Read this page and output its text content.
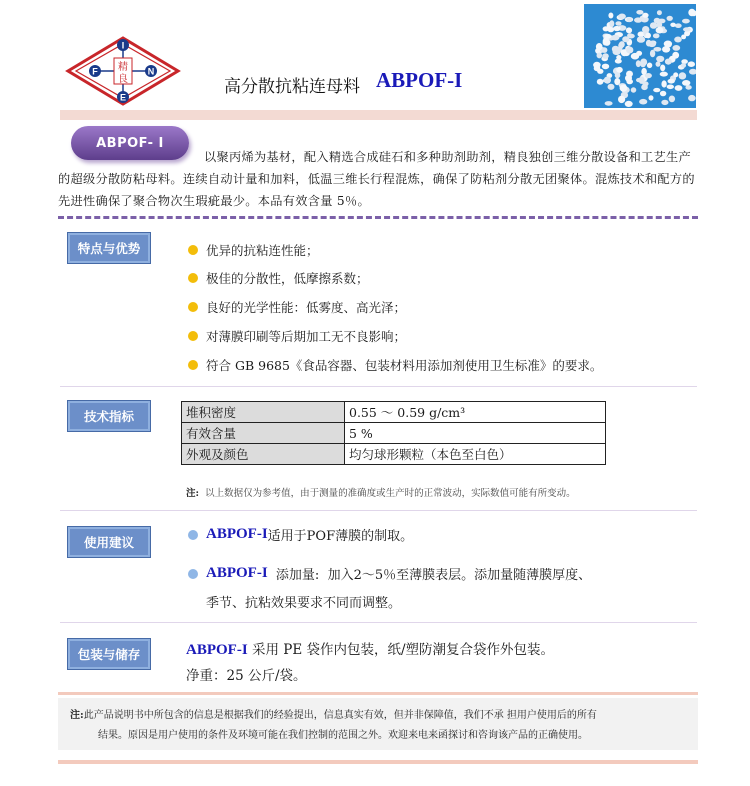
I
F	N
E
精
良	高分散抗粘连母料 ABPOF-I
ABPOF- I
以聚丙烯为基材，配入精选合成硅石和多种助剂助剂，精良独创三维分散设备和工艺生产的超级分散防粘母料。连续自动计量和加料，低温三维长行程混炼，确保了防粘剂分散无团聚体。混炼技术和配方的先进性确保了聚合物次生瑕疵最少。本品有效含量 5％。
特点与优势	优异的抗粘连性能；
极佳的分散性，低摩擦系数；
良好的光学性能：低雾度、高光泽；
对薄膜印刷等后期加工无不良影响；
符合 GB 9685《食品容器、包装材料用添加剂使用卫生标准》的要求。
技术指标	堆积密度	0.55 ～ 0.59 g/cm³
有效含量	5 %
外观及颜色	均匀球形颗粒（本色至白色）
注: 以上数据仅为参考值，由于测量的准确度或生产时的正常波动，实际数值可能有所变动。
使用建议
ABPOF-I 适用于POF薄膜的制取。
ABPOF-I 添加量:  加入2～5％至薄膜表层。添加量随薄膜厚度、
季节、抗粘效果要求不同而调整。
包装与储存	ABPOF-I 采用 PE 袋作内包装，纸/塑防潮复合袋作外包装。
净重：25 公斤/袋。
注:此产品说明书中所包含的信息是根据我们的经验提出，信息真实有效，但并非保障值，我们不承 担用户使用后的所有
结果。原因是用户使用的条件及环境可能在我们控制的范围之外。欢迎来电来函探讨和咨询该产品的正确使用。
